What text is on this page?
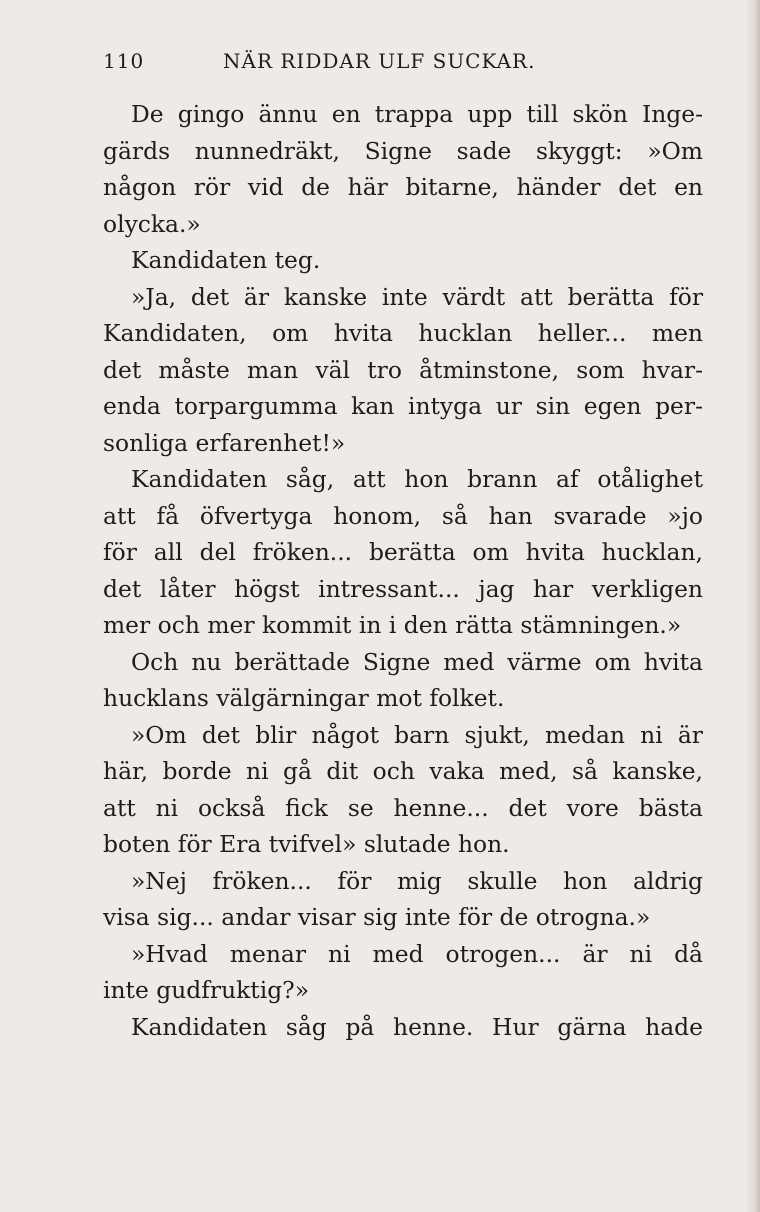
110	NÄR RIDDAR ULF SUCKAR.
De gingo ännu en trappa upp till skön Inge-
gärds nunnedräkt, Signe sade skyggt: »Om
någon rör vid de här bitarne, händer det en
olycka.»
Kandidaten teg.
»Ja, det är kanske inte värdt att berätta för
Kandidaten, om hvita hucklan heller... men
det måste man väl tro åtminstone, som hvar-
enda torpargumma kan intyga ur sin egen per-
sonliga erfarenhet!»
Kandidaten såg, att hon brann af otålighet
att få öfvertyga honom, så han svarade »jo
för all del fröken... berätta om hvita hucklan,
det låter högst intressant... jag har verkligen
mer och mer kommit in i den rätta stämningen.»
Och nu berättade Signe med värme om hvita
hucklans välgärningar mot folket.
»Om det blir något barn sjukt, medan ni är
här, borde ni gå dit och vaka med, så kanske,
att ni också fick se henne... det vore bästa
boten för Era tvifvel» slutade hon.
»Nej fröken... för mig skulle hon aldrig
visa sig... andar visar sig inte för de otrogna.»
»Hvad menar ni med otrogen... är ni då
inte gudfruktig?»
Kandidaten såg på henne. Hur gärna hade
